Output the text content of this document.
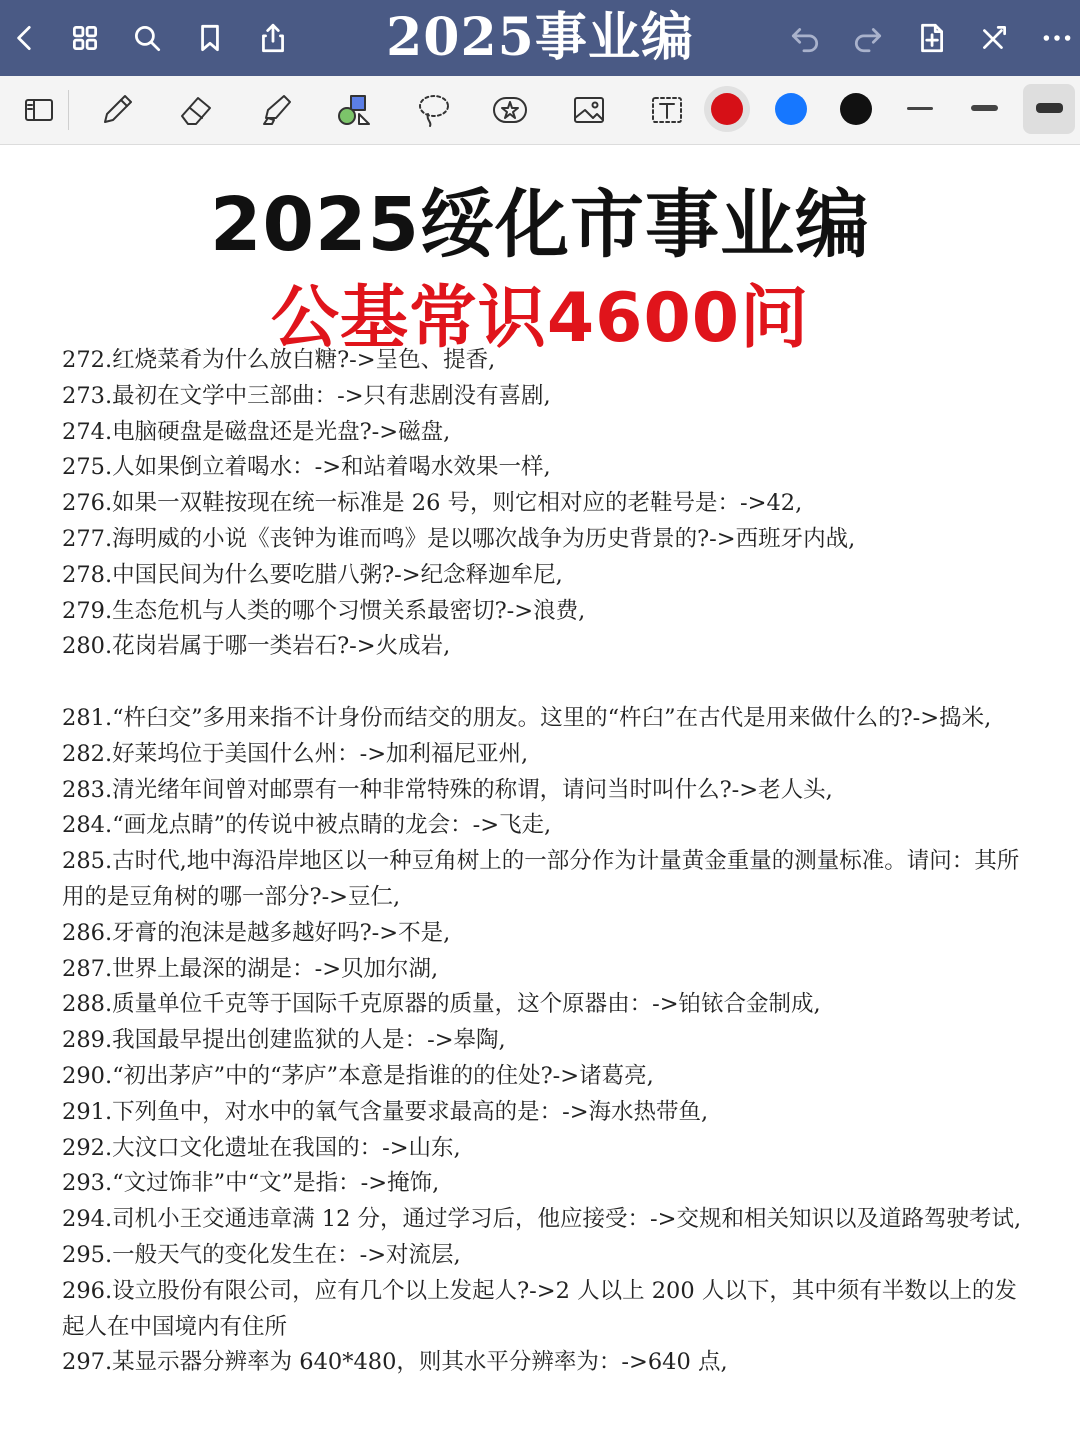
2025事业编
2025绥化市事业编
公基常识4600问
272.红烧菜肴为什么放白糖?->呈色、提香,
273.最初在文学中三部曲：->只有悲剧没有喜剧,
274.电脑硬盘是磁盘还是光盘?->磁盘,
275.人如果倒立着喝水：->和站着喝水效果一样,
276.如果一双鞋按现在统一标准是 26 号，则它相对应的老鞋号是：->42,
277.海明威的小说《丧钟为谁而鸣》是以哪次战争为历史背景的?->西班牙内战,
278.中国民间为什么要吃腊八粥?->纪念释迦牟尼,
279.生态危机与人类的哪个习惯关系最密切?->浪费,
280.花岗岩属于哪一类岩石?->火成岩,
281.“杵臼交”多用来指不计身份而结交的朋友。这里的“杵臼”在古代是用来做什么的?->捣米,
282.好莱坞位于美国什么州：->加利福尼亚州,
283.清光绪年间曾对邮票有一种非常特殊的称谓，请问当时叫什么?->老人头,
284.“画龙点睛”的传说中被点睛的龙会：->飞走,
285.古时代,地中海沿岸地区以一种豆角树上的一部分作为计量黄金重量的测量标准。请问：其所用的是豆角树的哪一部分?->豆仁,
286.牙膏的泡沫是越多越好吗?->不是,
287.世界上最深的湖是：->贝加尔湖,
288.质量单位千克等于国际千克原器的质量，这个原器由：->铂铱合金制成,
289.我国最早提出创建监狱的人是：->皋陶,
290.“初出茅庐”中的“茅庐”本意是指谁的的住处?->诸葛亮,
291.下列鱼中，对水中的氧气含量要求最高的是：->海水热带鱼,
292.大汶口文化遗址在我国的：->山东,
293.“文过饰非”中“文”是指：->掩饰,
294.司机小王交通违章满 12 分，通过学习后，他应接受：->交规和相关知识以及道路驾驶考试,
295.一般天气的变化发生在：->对流层,
296.设立股份有限公司，应有几个以上发起人?->2 人以上 200 人以下，其中须有半数以上的发起人在中国境内有住所
297.某显示器分辨率为 640*480，则其水平分辨率为：->640 点,
